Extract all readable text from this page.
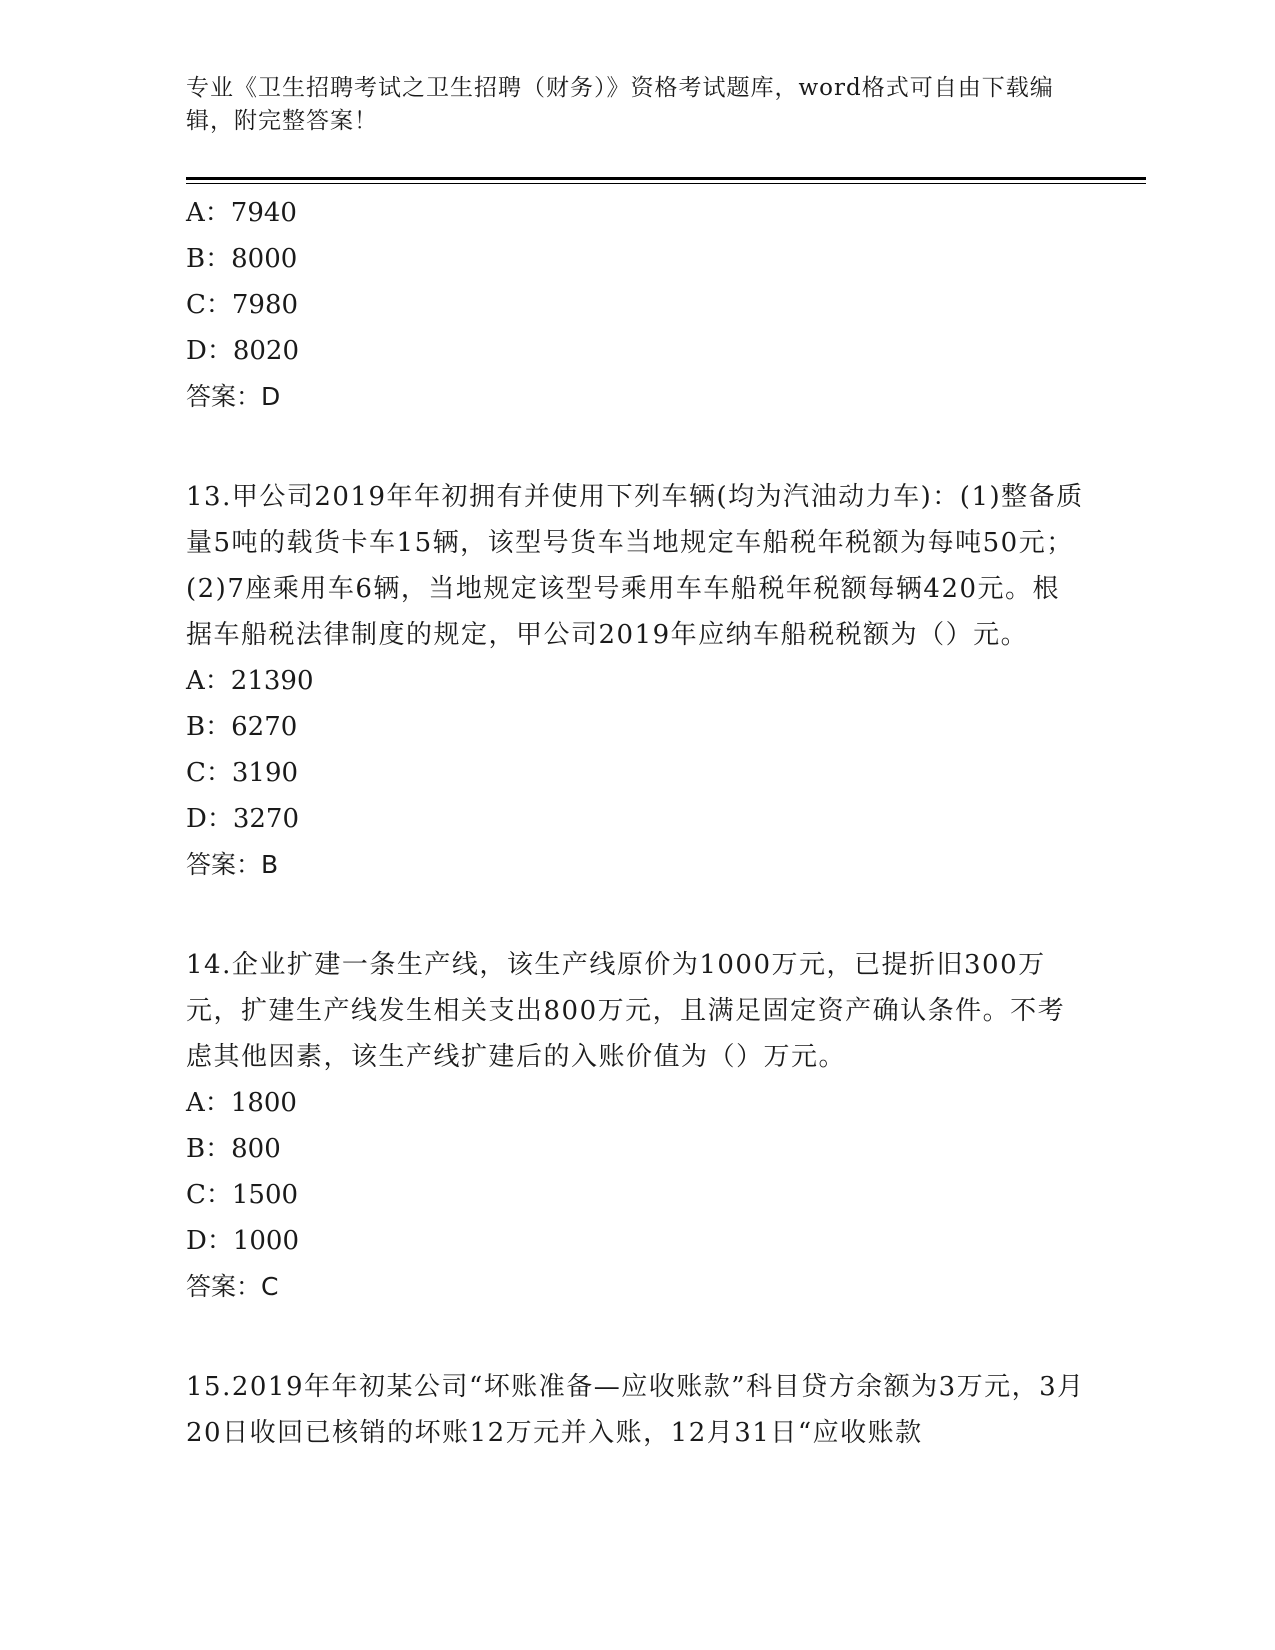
专业《卫生招聘考试之卫生招聘（财务）》资格考试题库，word格式可自由下载编辑，附完整答案！
A：7940
B：8000
C：7980
D：8020
答案：D
13.甲公司2019年年初拥有并使用下列车辆(均为汽油动力车)：(1)整备质量5吨的载货卡车15辆，该型号货车当地规定车船税年税额为每吨50元；(2)7座乘用车6辆，当地规定该型号乘用车车船税年税额每辆420元。根据车船税法律制度的规定，甲公司2019年应纳车船税税额为（）元。
A：21390
B：6270
C：3190
D：3270
答案：B
14.企业扩建一条生产线，该生产线原价为1000万元，已提折旧300万元，扩建生产线发生相关支出800万元，且满足固定资产确认条件。不考虑其他因素，该生产线扩建后的入账价值为（）万元。
A：1800
B：800
C：1500
D：1000
答案：C
15.2019年年初某公司“坏账准备—应收账款”科目贷方余额为3万元，3月20日收回已核销的坏账12万元并入账，12月31日“应收账款
